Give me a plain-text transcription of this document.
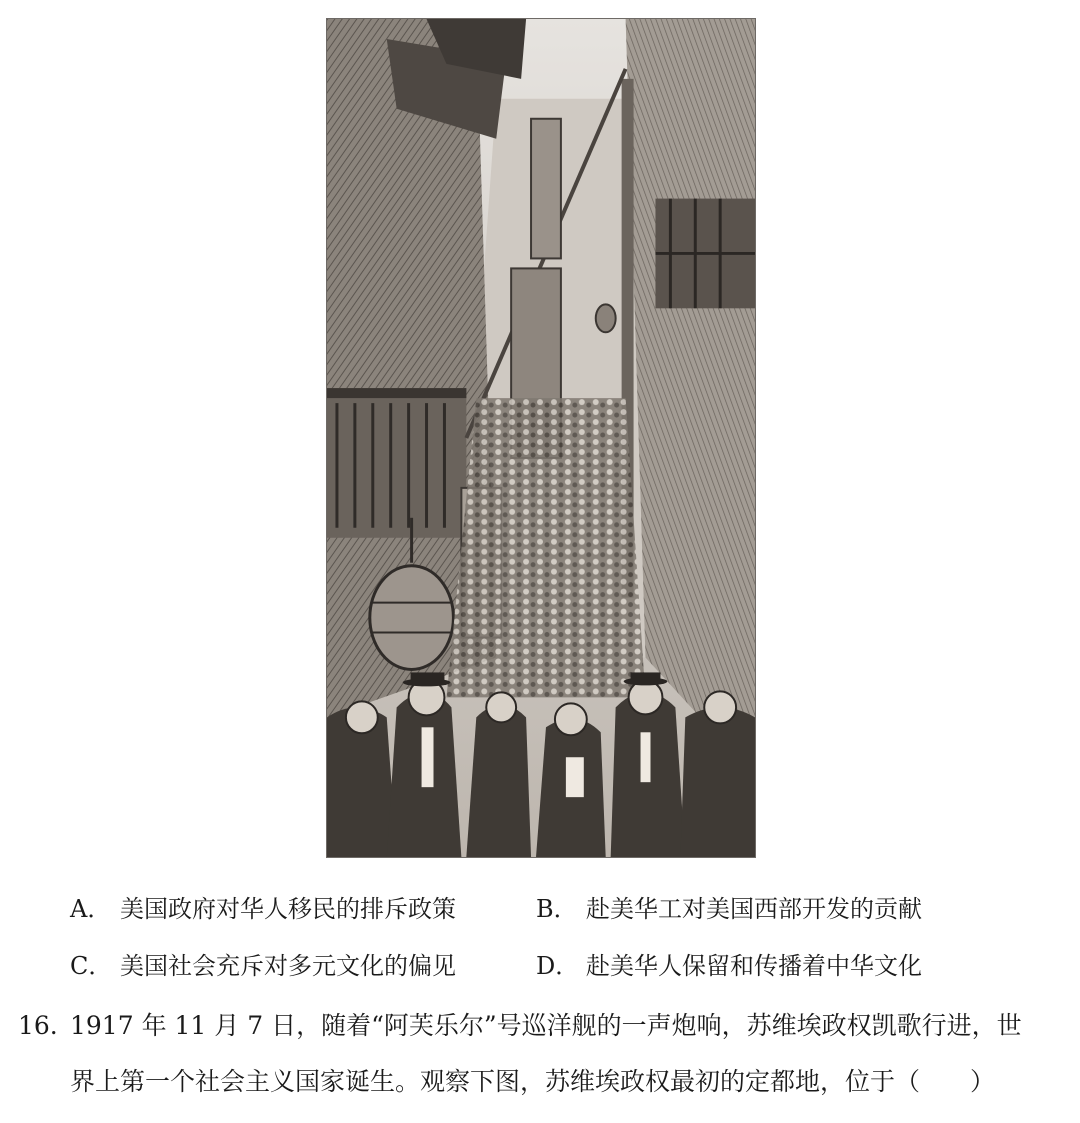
A． 美国政府对华人移民的排斥政策	B． 赴美华工对美国西部开发的贡献
C． 美国社会充斥对多元文化的偏见	D． 赴美华人保留和传播着中华文化
16. 1917 年 11 月 7 日，随着“阿芙乐尔”号巡洋舰的一声炮响，苏维埃政权凯歌行进，世
界上第一个社会主义国家诞生。观察下图，苏维埃政权最初的定都地，位于（　　）
